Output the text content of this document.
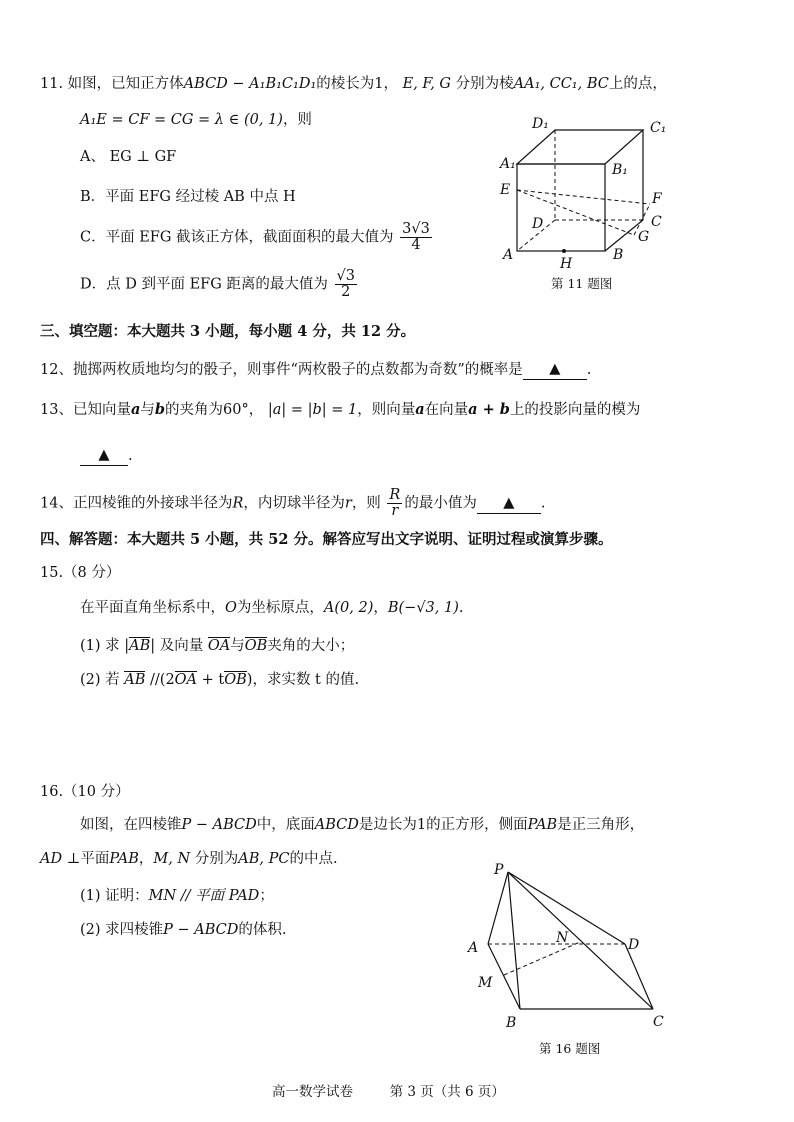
11. 如图，已知正方体ABCD − A₁B₁C₁D₁的棱长为1， E, F, G 分别为棱AA₁, CC₁, BC上的点，
A₁E = CF = CG = λ ∈ (0, 1)，则
A、 EG ⊥ GF
B．平面 EFG 经过棱 AB 中点 H
C．平面 EFG 截该正方体，截面面积的最大值为 $\frac{3√3}{4}$
D．点 D 到平面 EFG 距离的最大值为 $\frac{√3}{2}$
D₁	C₁
A₁	B₁
E
F
C
G
D
A	B
H
第 11 题图
三、填空题：本大题共 3 小题，每小题 4 分，共 12 分。
12、抛掷两枚质地均匀的骰子，则事件“两枚骰子的点数都为奇数”的概率是 ▲ .
13、已知向量a与b的夹角为60°， |a| = |b| = 1，则向量a在向量a + b上的投影向量的模为
▲ .
14、正四棱锥的外接球半径为R，内切球半径为r，则 $\frac{R}{r}$ 的最小值为 ▲ .
四、解答题：本大题共 5 小题，共 52 分。解答应写出文字说明、证明过程或演算步骤。
15.（8 分）
在平面直角坐标系中，O为坐标原点，A(0, 2)，B(−√3, 1).
(1) 求 |AB| 及向量 OA与OB夹角的大小；
(2) 若 AB //(2OA + tOB)，求实数 t 的值.
16.（10 分）
如图，在四棱锥P − ABCD中，底面ABCD是边长为1的正方形，侧面PAB是正三角形，
AD ⊥平面PAB，M, N 分别为AB, PC的中点.
(1) 证明：MN // 平面 PAD；
(2) 求四棱锥P − ABCD的体积.
P
A
N	D
M
B	C
第 16 题图
高一数学试卷	第 3 页（共 6 页）
